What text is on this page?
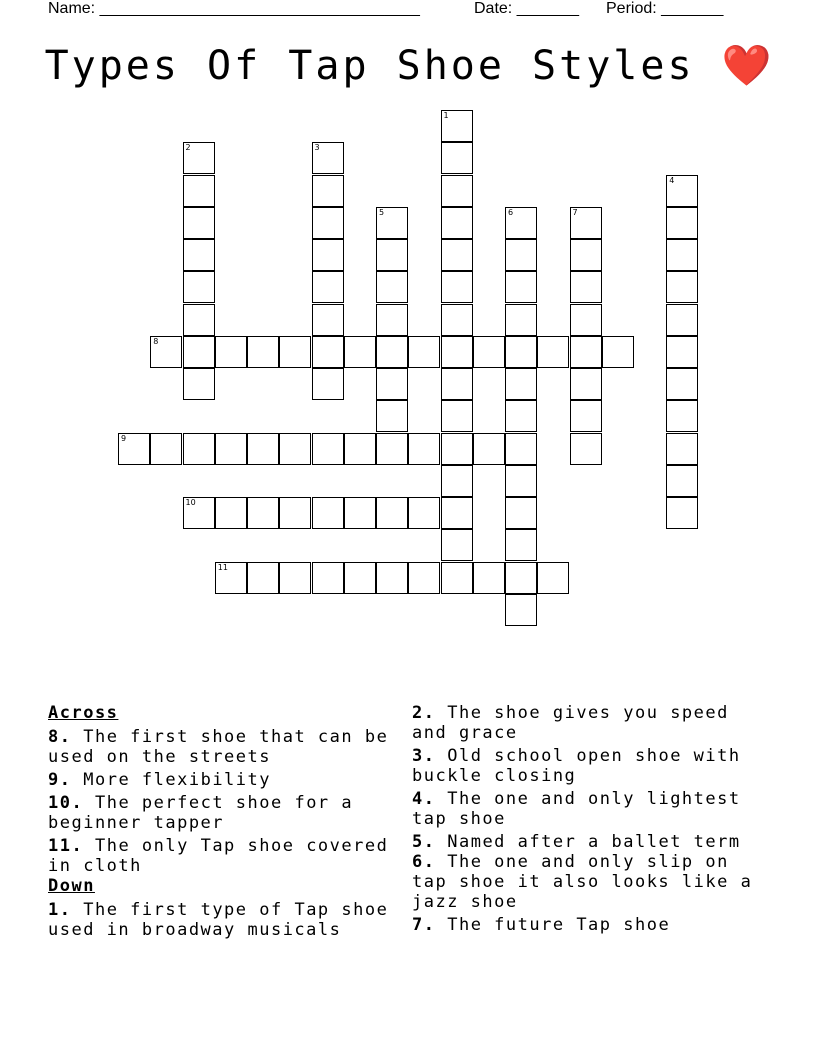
Name: ____________________________________	Date: _______ Period: _______
Types Of Tap Shoe Styles ❤️
1
2	3
4
5	6	7
8
9
10
11
Across
8. The first shoe that can be used on the streets
9. More flexibility
10. The perfect shoe for a beginner tapper
11. The only Tap shoe covered in cloth
Down
1. The first type of Tap shoe used in broadway musicals
2. The shoe gives you speed and grace
3. Old school open shoe with buckle closing
4. The one and only lightest tap shoe
5. Named after a ballet term
6. The one and only slip on tap shoe it also looks like a jazz shoe
7. The future Tap shoe
